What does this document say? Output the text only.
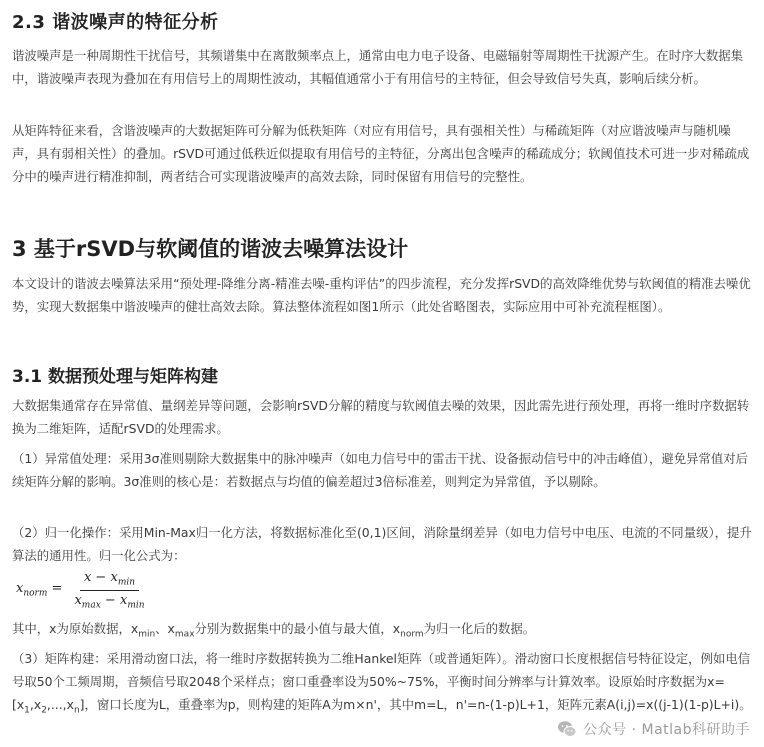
2.3 谐波噪声的特征分析

谐波噪声是一种周期性干扰信号，其频谱集中在离散频率点上，通常由电力电子设备、电磁辐射等周期性干扰源产生。在时序大数据集中，谐波噪声表现为叠加在有用信号上的周期性波动，其幅值通常小于有用信号的主特征，但会导致信号失真，影响后续分析。

从矩阵特征来看，含谐波噪声的大数据矩阵可分解为低秩矩阵（对应有用信号，具有强相关性）与稀疏矩阵（对应谐波噪声与随机噪声，具有弱相关性）的叠加。rSVD可通过低秩近似提取有用信号的主特征，分离出包含噪声的稀疏成分；软阈值技术可进一步对稀疏成分中的噪声进行精准抑制，两者结合可实现谐波噪声的高效去除，同时保留有用信号的完整性。

3 基于rSVD与软阈值的谐波去噪算法设计

本文设计的谐波去噪算法采用“预处理-降维分离-精准去噪-重构评估”的四步流程，充分发挥rSVD的高效降维优势与软阈值的精准去噪优势，实现大数据集中谐波噪声的健壮高效去除。算法整体流程如图1所示（此处省略图表，实际应用中可补充流程框图）。

3.1 数据预处理与矩阵构建

大数据集通常存在异常值、量纲差异等问题，会影响rSVD分解的精度与软阈值去噪的效果，因此需先进行预处理，再将一维时序数据转换为二维矩阵，适配rSVD的处理需求。

（1）异常值处理：采用3σ准则剔除大数据集中的脉冲噪声（如电力信号中的雷击干扰、设备振动信号中的冲击峰值），避免异常值对后续矩阵分解的影响。3σ准则的核心是：若数据点与均值的偏差超过3倍标准差，则判定为异常值，予以剔除。

（2）归一化操作：采用Min-Max归一化方法，将数据标准化至(0,1)区间，消除量纲差异（如电力信号中电压、电流的不同量级），提升算法的通用性。归一化公式为：

$x_{norm} = \frac{x - x_{min}}{x_{max} - x_{min}}$

其中，x为原始数据，$x_{min}$、$x_{max}$分别为数据集中的最小值与最大值，$x_{norm}$为归一化后的数据。

（3）矩阵构建：采用滑动窗口法，将一维时序数据转换为二维Hankel矩阵（或普通矩阵）。滑动窗口长度根据信号特征设定，例如电信号取50个工频周期，音频信号取2048个采样点；窗口重叠率设为50%~75%，平衡时间分辨率与计算效率。设原始时序数据为$x=[x_1,x_2,...,x_n]$，窗口长度为L，重叠率为p，则构建的矩阵A为m×n'，其中m=L，n'=n-(1-p)L+1，矩阵元素A(i,j)=x((j-1)(1-p)L+i)。

公众号 · Matlab科研助手
